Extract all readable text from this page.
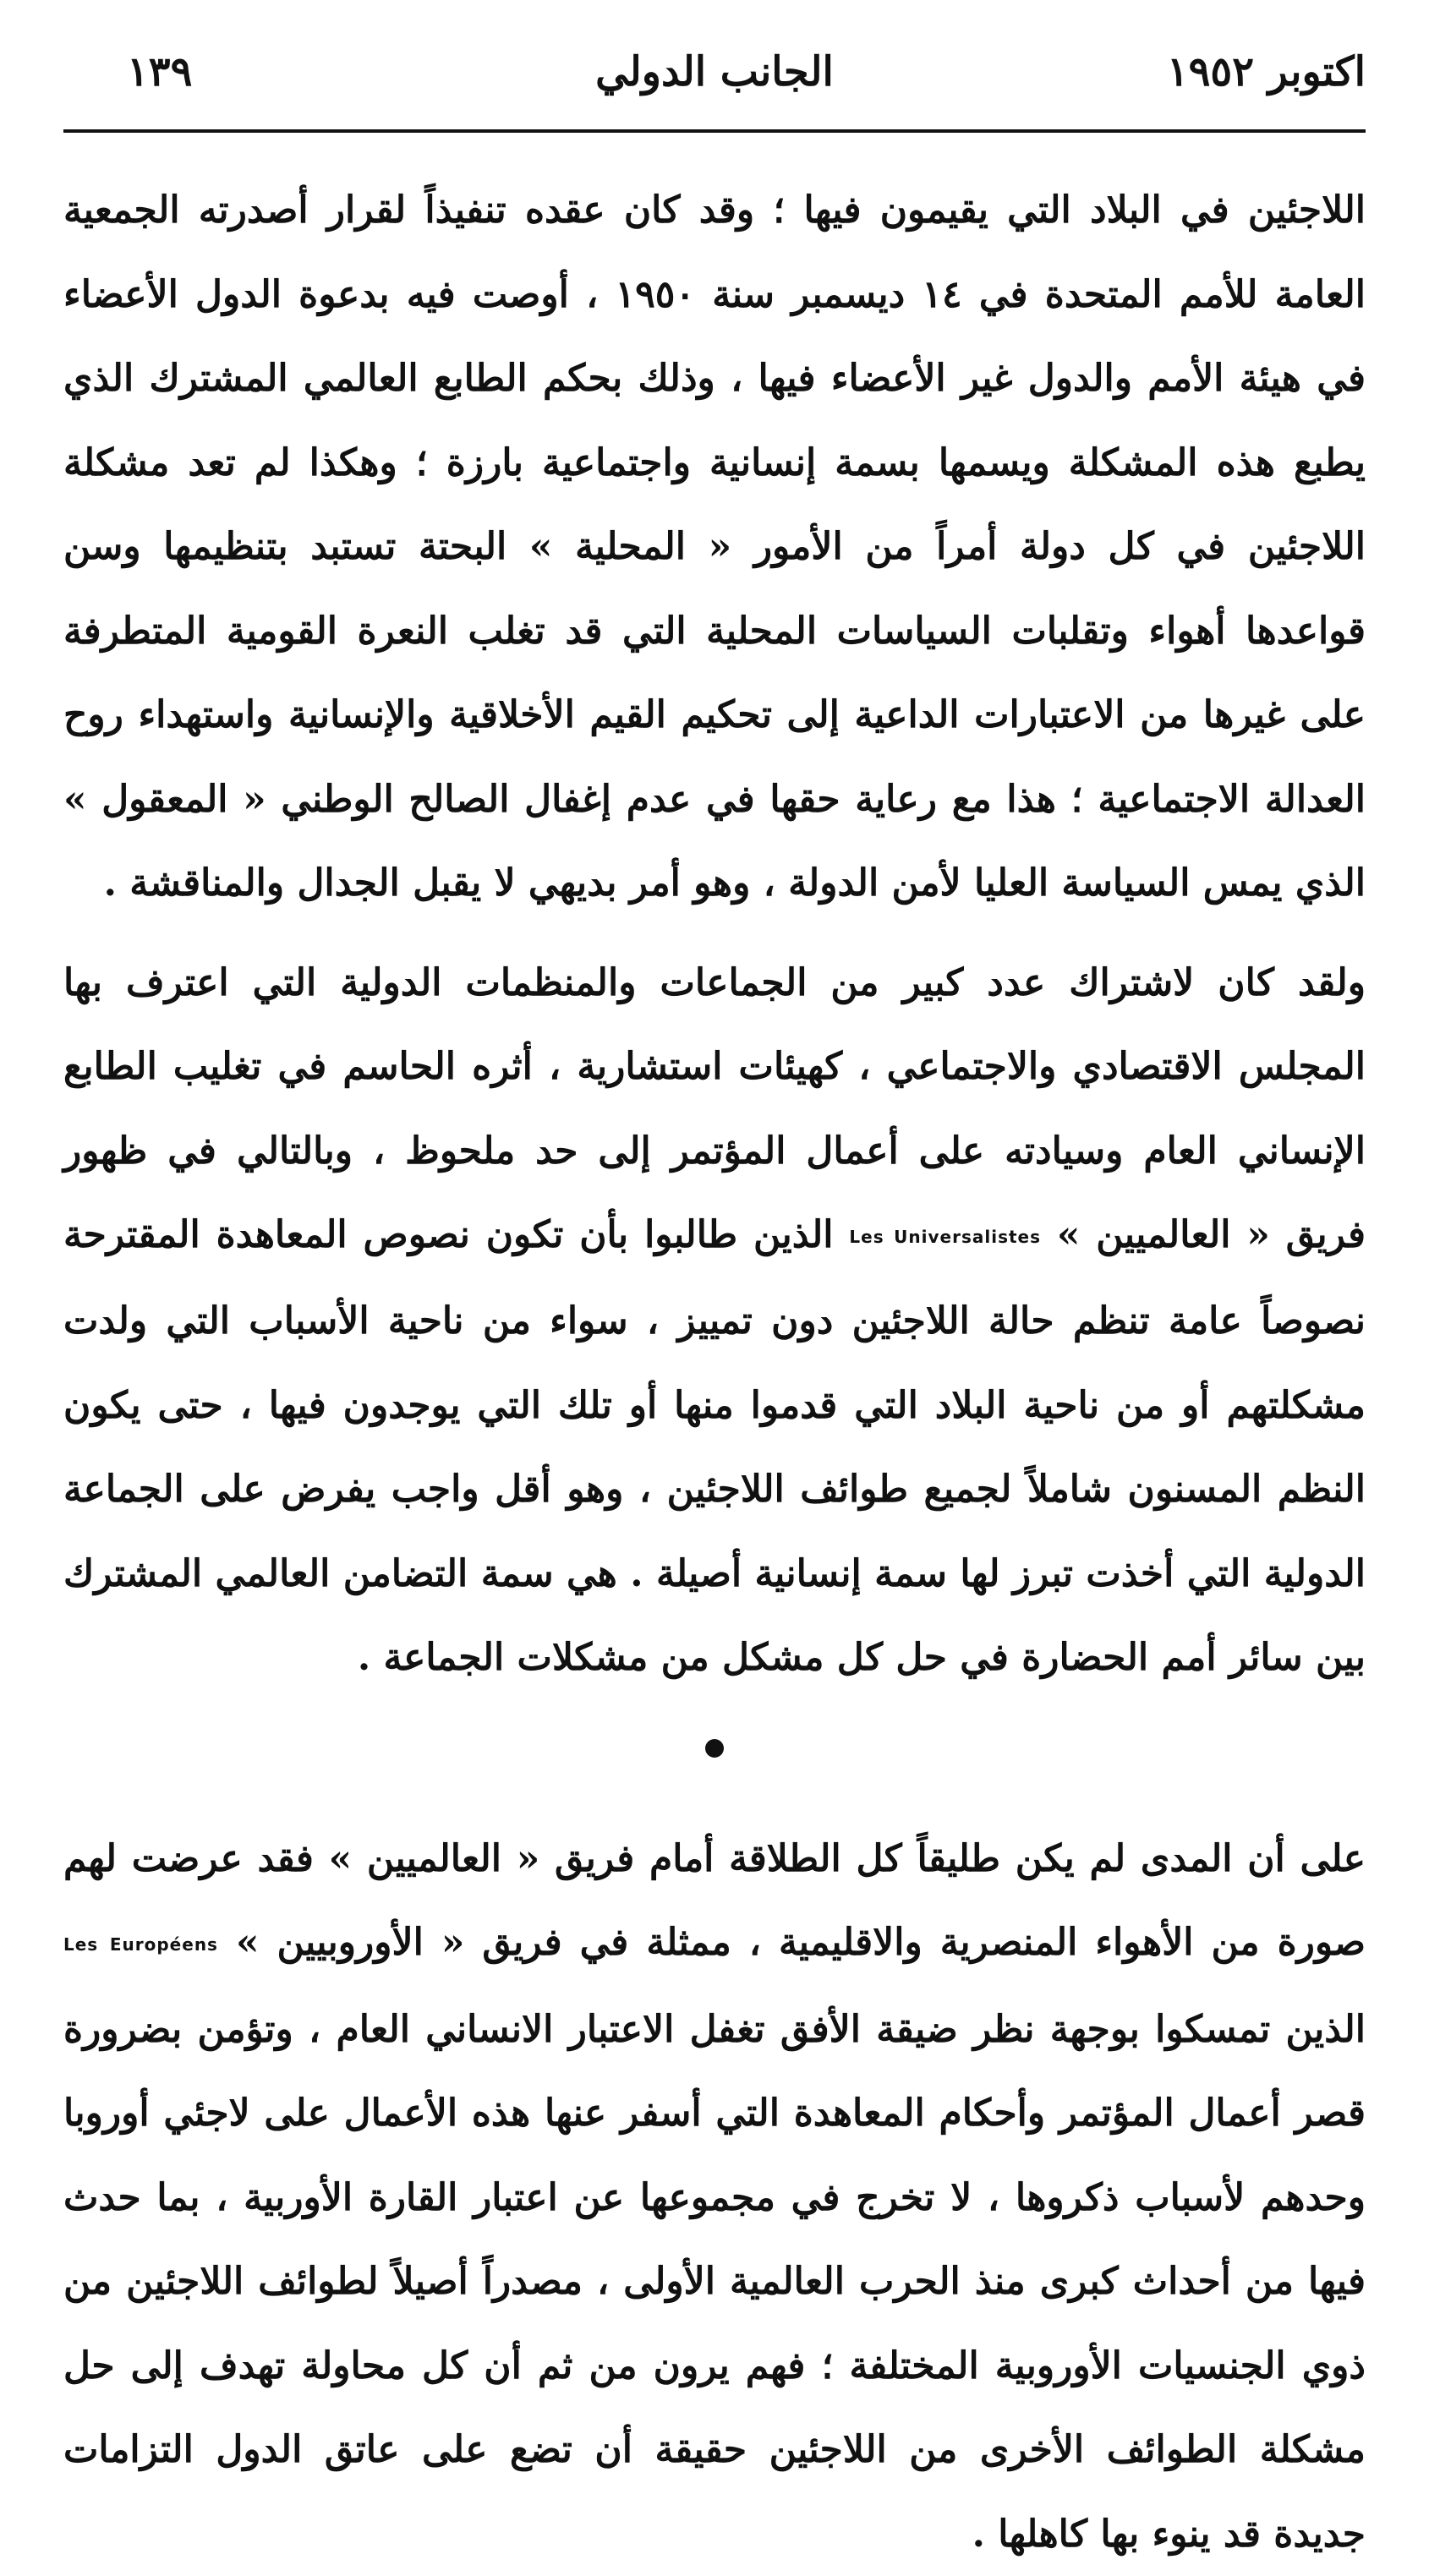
اكتوبر ١٩٥٢
الجانب الدولي
١٣٩

اللاجئين في البلاد التي يقيمون فيها ؛ وقد كان عقده تنفيذاً لقرار أصدرته الجمعية العامة للأمم المتحدة في ١٤ ديسمبر سنة ١٩٥٠ ، أوصت فيه بدعوة الدول الأعضاء في هيئة الأمم والدول غير الأعضاء فيها ، وذلك بحكم الطابع العالمي المشترك الذي يطبع هذه المشكلة ويسمها بسمة إنسانية واجتماعية بارزة ؛ وهكذا لم تعد مشكلة اللاجئين في كل دولة أمراً من الأمور « المحلية » البحتة تستبد بتنظيمها وسن قواعدها أهواء وتقلبات السياسات المحلية التي قد تغلب النعرة القومية المتطرفة على غيرها من الاعتبارات الداعية إلى تحكيم القيم الأخلاقية والإنسانية واستهداء روح العدالة الاجتماعية ؛ هذا مع رعاية حقها في عدم إغفال الصالح الوطني « المعقول » الذي يمس السياسة العليا لأمن الدولة ، وهو أمر بديهي لا يقبل الجدال والمناقشة .

ولقد كان لاشتراك عدد كبير من الجماعات والمنظمات الدولية التي اعترف بها المجلس الاقتصادي والاجتماعي ، كهيئات استشارية ، أثره الحاسم في تغليب الطابع الإنساني العام وسيادته على أعمال المؤتمر إلى حد ملحوظ ، وبالتالي في ظهور فريق « العالميين » Les Universalistes الذين طالبوا بأن تكون نصوص المعاهدة المقترحة نصوصاً عامة تنظم حالة اللاجئين دون تمييز ، سواء من ناحية الأسباب التي ولدت مشكلتهم أو من ناحية البلاد التي قدموا منها أو تلك التي يوجدون فيها ، حتى يكون النظم المسنون شاملاً لجميع طوائف اللاجئين ، وهو أقل واجب يفرض على الجماعة الدولية التي أخذت تبرز لها سمة إنسانية أصيلة . هي سمة التضامن العالمي المشترك بين سائر أمم الحضارة في حل كل مشكل من مشكلات الجماعة .

على أن المدى لم يكن طليقاً كل الطلاقة أمام فريق « العالميين » فقد عرضت لهم صورة من الأهواء المنصرية والاقليمية ، ممثلة في فريق « الأوروبيين » Les Européens الذين تمسكوا بوجهة نظر ضيقة الأفق تغفل الاعتبار الانساني العام ، وتؤمن بضرورة قصر أعمال المؤتمر وأحكام المعاهدة التي أسفر عنها هذه الأعمال على لاجئي أوروبا وحدهم لأسباب ذكروها ، لا تخرج في مجموعها عن اعتبار القارة الأوربية ، بما حدث فيها من أحداث كبرى منذ الحرب العالمية الأولى ، مصدراً أصيلاً لطوائف اللاجئين من ذوي الجنسيات الأوروبية المختلفة ؛ فهم يرون من ثم أن كل محاولة تهدف إلى حل مشكلة الطوائف الأخرى من اللاجئين حقيقة أن تضع على عاتق الدول التزامات جديدة قد ينوء بها كاهلها .
